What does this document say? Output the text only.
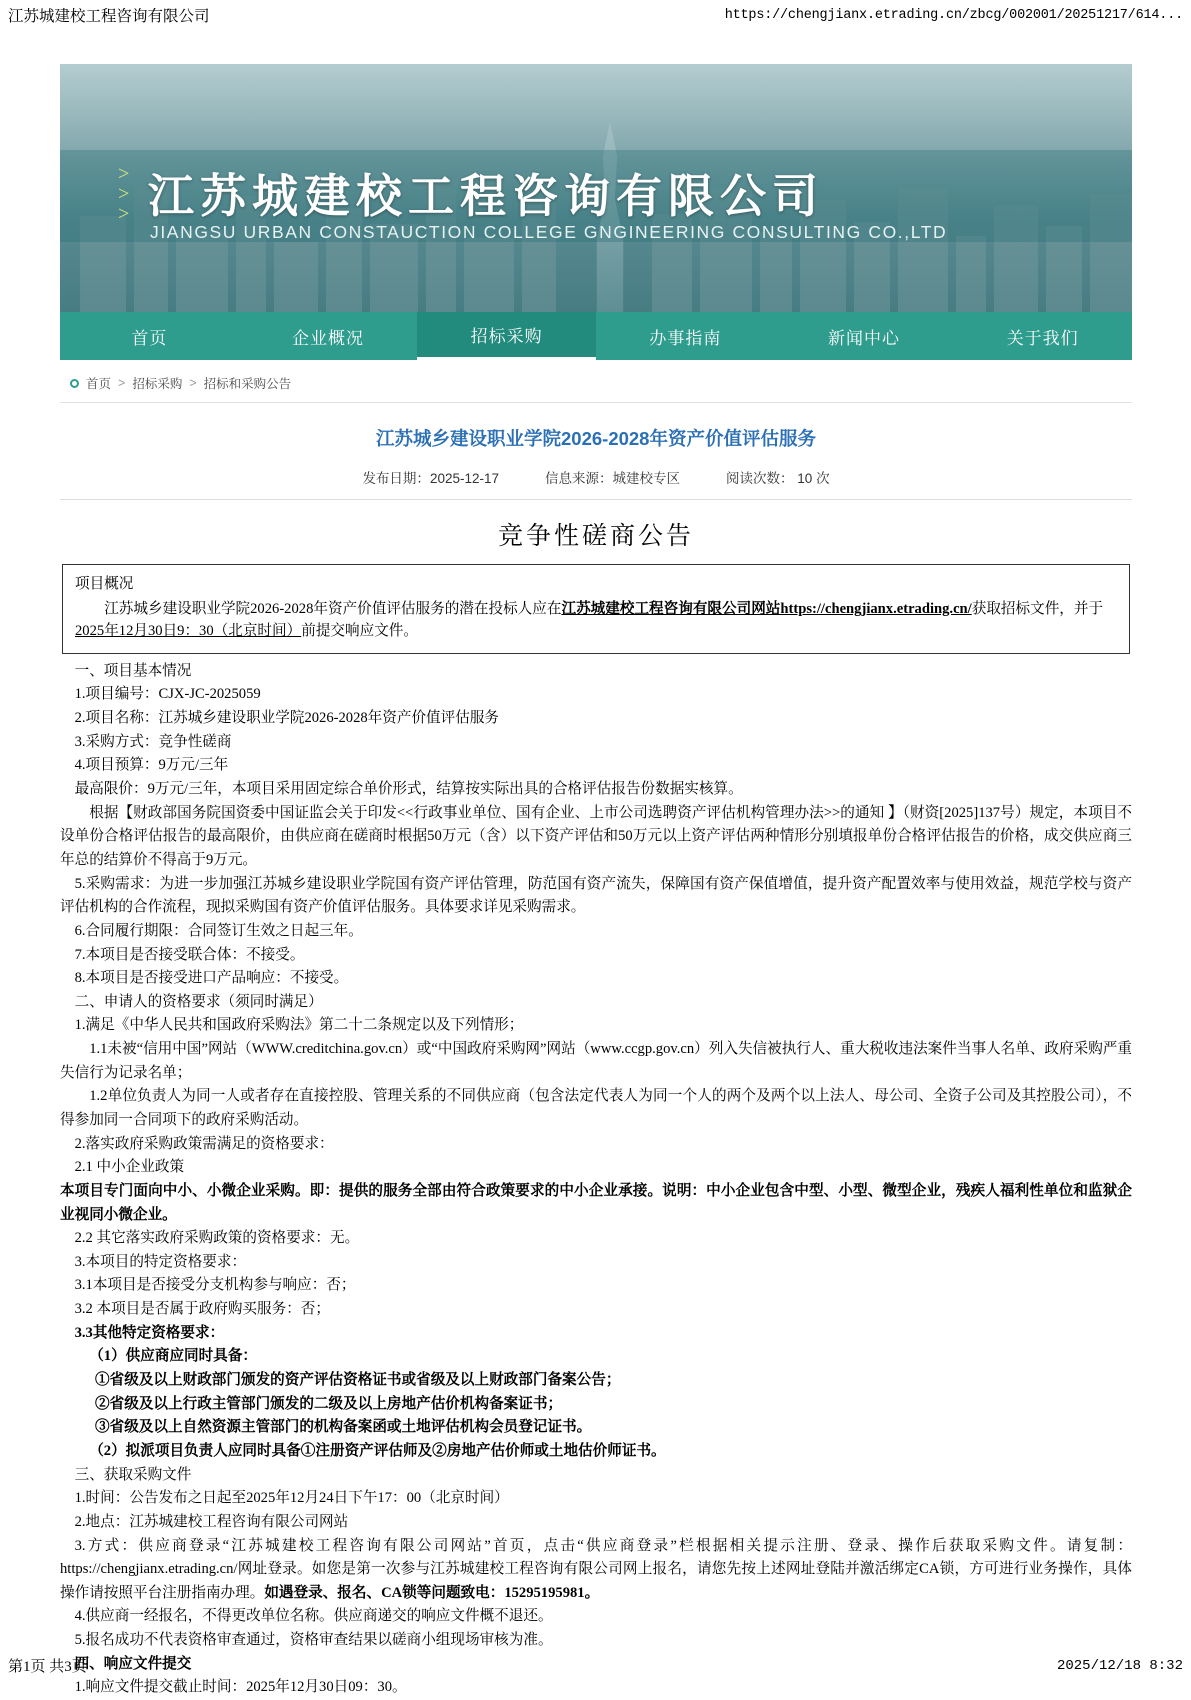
江苏城建校工程咨询有限公司	https://chengjianx.etrading.cn/zbcg/002001/20251217/614...
>
>
> 江苏城建校工程咨询有限公司
JIANGSU URBAN CONSTAUCTION COLLEGE GNGINEERING CONSULTING CO.,LTD
首页	企业概况	招标采购	办事指南	新闻中心	关于我们
首页 > 招标采购 > 招标和采购公告
江苏城乡建设职业学院2026-2028年资产价值评估服务
发布日期：2025-12-17	信息来源：城建校专区	阅读次数： 10 次
竞争性磋商公告
项目概况

江苏城乡建设职业学院2026-2028年资产价值评估服务的潜在投标人应在江苏城建校工程咨询有限公司网站https://chengjianx.etrading.cn/获取招标文件，并于2025年12月30日9：30（北京时间）前提交响应文件。

一、项目基本情况

1.项目编号：CJX-JC-2025059

2.项目名称：江苏城乡建设职业学院2026-2028年资产价值评估服务

3.采购方式：竞争性磋商

4.项目预算：9万元/三年

最高限价：9万元/三年，本项目采用固定综合单价形式，结算按实际出具的合格评估报告份数据实核算。

根据【财政部国务院国资委中国证监会关于印发<<行政事业单位、国有企业、上市公司选聘资产评估机构管理办法>>的通知 】（财资[2025]137号）规定，本项目不设单份合格评估报告的最高限价，由供应商在磋商时根据50万元（含）以下资产评估和50万元以上资产评估两种情形分别填报单份合格评估报告的价格，成交供应商三年总的结算价不得高于9万元。

5.采购需求：为进一步加强江苏城乡建设职业学院国有资产评估管理，防范国有资产流失，保障国有资产保值增值，提升资产配置效率与使用效益，规范学校与资产评估机构的合作流程，现拟采购国有资产价值评估服务。具体要求详见采购需求。

6.合同履行期限：合同签订生效之日起三年。

7.本项目是否接受联合体：不接受。

8.本项目是否接受进口产品响应：不接受。

二、申请人的资格要求（须同时满足）

1.满足《中华人民共和国政府采购法》第二十二条规定以及下列情形；

1.1未被“信用中国”网站（WWW.creditchina.gov.cn）或“中国政府采购网”网站（www.ccgp.gov.cn）列入失信被执行人、重大税收违法案件当事人名单、政府采购严重失信行为记录名单；

1.2单位负责人为同一人或者存在直接控股、管理关系的不同供应商（包含法定代表人为同一个人的两个及两个以上法人、母公司、全资子公司及其控股公司），不得参加同一合同项下的政府采购活动。

2.落实政府采购政策需满足的资格要求：

2.1 中小企业政策

本项目专门面向中小、小微企业采购。即：提供的服务全部由符合政策要求的中小企业承接。说明：中小企业包含中型、小型、微型企业，残疾人福利性单位和监狱企业视同小微企业。

2.2 其它落实政府采购政策的资格要求：无。

3.本项目的特定资格要求：

3.1本项目是否接受分支机构参与响应：否；

3.2 本项目是否属于政府购买服务：否；

3.3其他特定资格要求：

（1）供应商应同时具备：

①省级及以上财政部门颁发的资产评估资格证书或省级及以上财政部门备案公告；

②省级及以上行政主管部门颁发的二级及以上房地产估价机构备案证书；

③省级及以上自然资源主管部门的机构备案函或土地评估机构会员登记证书。

（2）拟派项目负责人应同时具备①注册资产评估师及②房地产估价师或土地估价师证书。

三、获取采购文件

1.时间：公告发布之日起至2025年12月24日下午17：00（北京时间）

2.地点：江苏城建校工程咨询有限公司网站

3.方式：供应商登录“江苏城建校工程咨询有限公司网站”首页，点击“供应商登录”栏根据相关提示注册、登录、操作后获取采购文件。请复制：https://chengjianx.etrading.cn/网址登录。如您是第一次参与江苏城建校工程咨询有限公司网上报名，请您先按上述网址登陆并激活绑定CA锁，方可进行业务操作，具体操作请按照平台注册指南办理。如遇登录、报名、CA锁等问题致电：15295195981。

4.供应商一经报名，不得更改单位名称。供应商递交的响应文件概不退还。

5.报名成功不代表资格审查通过，资格审查结果以磋商小组现场审核为准。

四、响应文件提交

1.响应文件提交截止时间：2025年12月30日09：30。

第1页 共3页	2025/12/18 8:32
